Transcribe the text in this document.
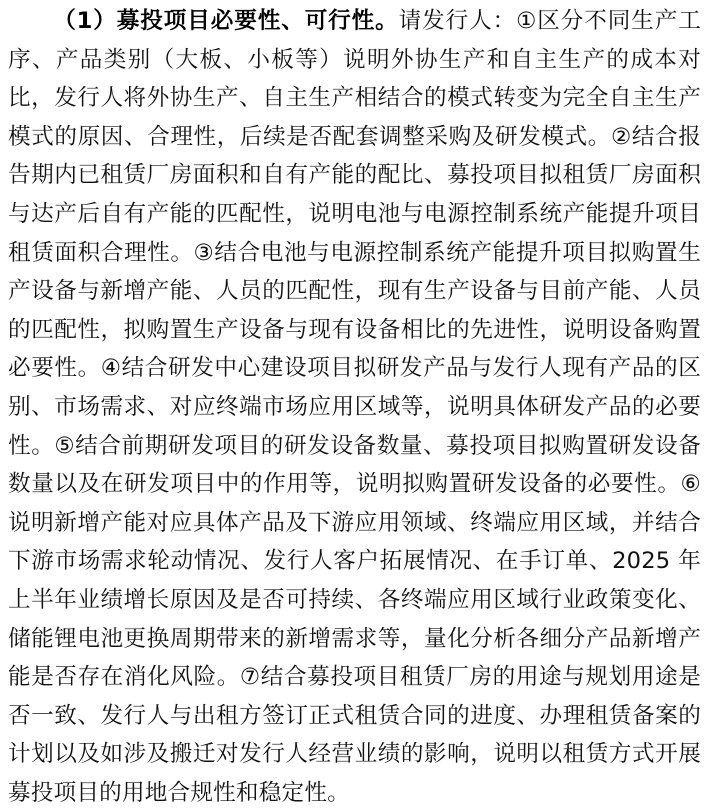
（1）募投项目必要性、可行性。请发行人：①区分不同生产工序、产品类别（大板、小板等）说明外协生产和自主生产的成本对比，发行人将外协生产、自主生产相结合的模式转变为完全自主生产模式的原因、合理性，后续是否配套调整采购及研发模式。②结合报告期内已租赁厂房面积和自有产能的配比、募投项目拟租赁厂房面积与达产后自有产能的匹配性，说明电池与电源控制系统产能提升项目租赁面积合理性。③结合电池与电源控制系统产能提升项目拟购置生产设备与新增产能、人员的匹配性，现有生产设备与目前产能、人员的匹配性，拟购置生产设备与现有设备相比的先进性，说明设备购置必要性。④结合研发中心建设项目拟研发产品与发行人现有产品的区别、市场需求、对应终端市场应用区域等，说明具体研发产品的必要性。⑤结合前期研发项目的研发设备数量、募投项目拟购置研发设备数量以及在研发项目中的作用等，说明拟购置研发设备的必要性。⑥说明新增产能对应具体产品及下游应用领域、终端应用区域，并结合下游市场需求轮动情况、发行人客户拓展情况、在手订单、2025 年上半年业绩增长原因及是否可持续、各终端应用区域行业政策变化、储能锂电池更换周期带来的新增需求等，量化分析各细分产品新增产能是否存在消化风险。⑦结合募投项目租赁厂房的用途与规划用途是否一致、发行人与出租方签订正式租赁合同的进度、办理租赁备案的计划以及如涉及搬迁对发行人经营业绩的影响，说明以租赁方式开展募投项目的用地合规性和稳定性。
